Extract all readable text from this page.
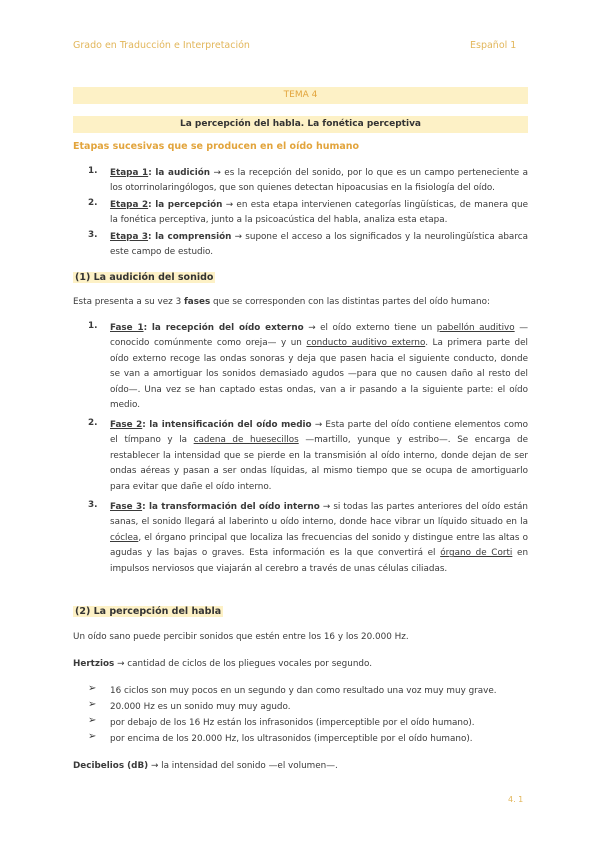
Grado en Traducción e Interpretación	Español 1
TEMA 4
La percepción del habla. La fonética perceptiva
Etapas sucesivas que se producen en el oído humano
1. Etapa 1: la audición → es la recepción del sonido, por lo que es un campo perteneciente a los otorrinolaringólogos, que son quienes detectan hipoacusias en la fisiología del oído.
2. Etapa 2: la percepción → en esta etapa intervienen categorías lingüísticas, de manera que la fonética perceptiva, junto a la psicoacústica del habla, analiza esta etapa.
3. Etapa 3: la comprensión → supone el acceso a los significados y la neurolingüística abarca este campo de estudio.
(1) La audición del sonido
Esta presenta a su vez 3 fases que se corresponden con las distintas partes del oído humano:
1. Fase 1: la recepción del oído externo → el oído externo tiene un pabellón auditivo —conocido comúnmente como oreja— y un conducto auditivo externo. La primera parte del oído externo recoge las ondas sonoras y deja que pasen hacia el siguiente conducto, donde se van a amortiguar los sonidos demasiado agudos —para que no causen daño al resto del oído—. Una vez se han captado estas ondas, van a ir pasando a la siguiente parte: el oído medio.
2. Fase 2: la intensificación del oído medio → Esta parte del oído contiene elementos como el tímpano y la cadena de huesecillos —martillo, yunque y estribo—. Se encarga de restablecer la intensidad que se pierde en la transmisión al oído interno, donde dejan de ser ondas aéreas y pasan a ser ondas líquidas, al mismo tiempo que se ocupa de amortiguarlo para evitar que dañe el oído interno.
3. Fase 3: la transformación del oído interno → si todas las partes anteriores del oído están sanas, el sonido llegará al laberinto u oído interno, donde hace vibrar un líquido situado en la cóclea, el órgano principal que localiza las frecuencias del sonido y distingue entre las altas o agudas y las bajas o graves. Esta información es la que convertirá el órgano de Corti en impulsos nerviosos que viajarán al cerebro a través de unas células ciliadas.
(2) La percepción del habla
Un oído sano puede percibir sonidos que estén entre los 16 y los 20.000 Hz.
Hertzios → cantidad de ciclos de los pliegues vocales por segundo.
➢ 16 ciclos son muy pocos en un segundo y dan como resultado una voz muy muy grave.
➢ 20.000 Hz es un sonido muy muy agudo.
➢ por debajo de los 16 Hz están los infrasonidos (imperceptible por el oído humano).
➢ por encima de los 20.000 Hz, los ultrasonidos (imperceptible por el oído humano).
Decibelios (dB) → la intensidad del sonido —el volumen—.
4. 1
